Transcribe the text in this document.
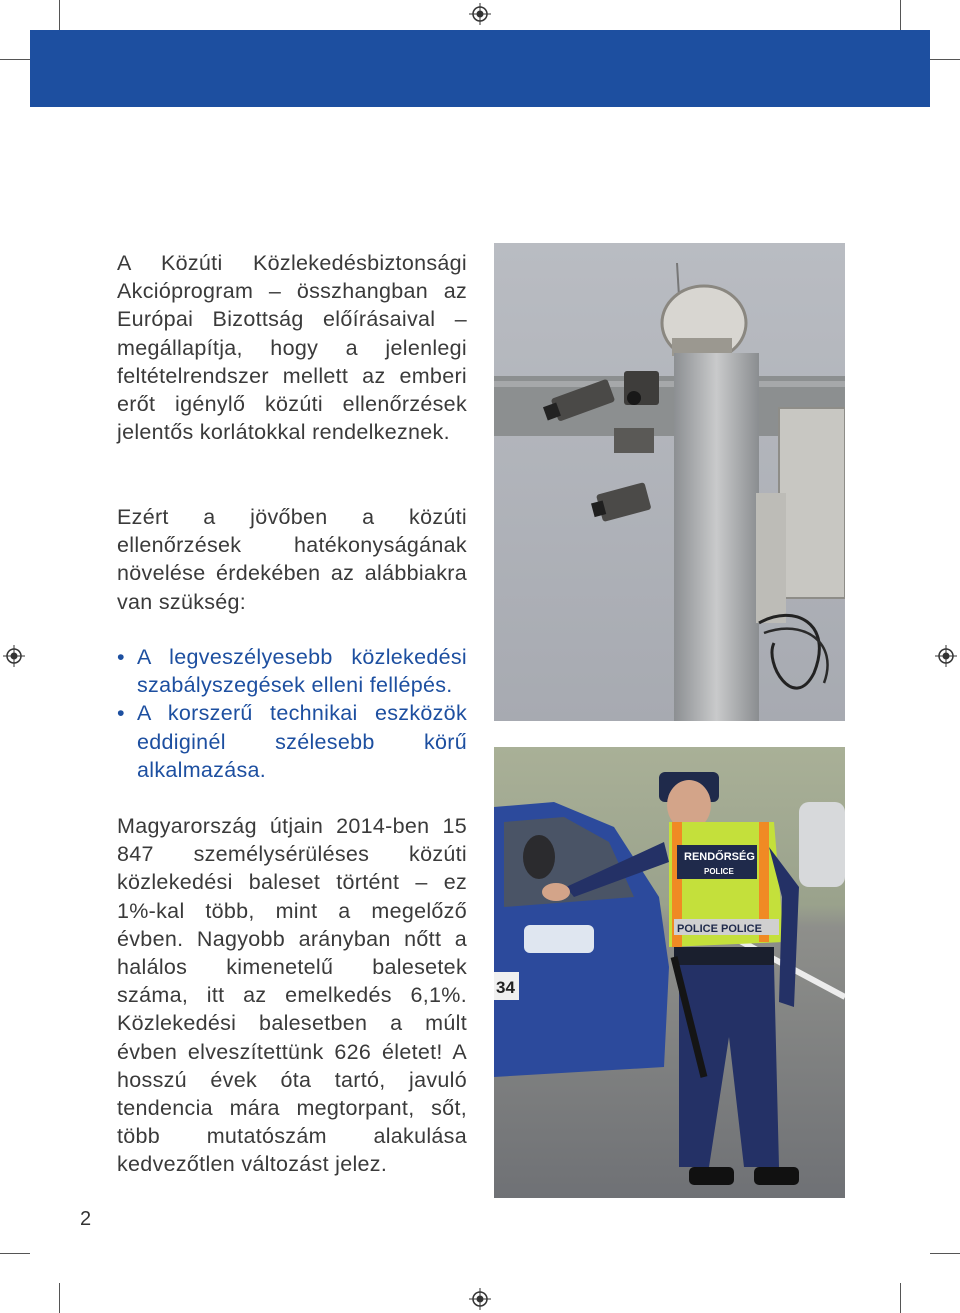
A Közúti Közlekedésbiztonsági Akcióprogram – összhangban az Európai Bizottság előírásaival – megállapítja, hogy a jelenlegi feltételrendszer mellett az emberi erőt igénylő közúti ellenőrzések jelentős korlátokkal rendelkeznek.

Ezért a jövőben a közúti ellenőrzések hatékonyságának növelése érdekében az alábbiakra van szükség:

• A legveszélyesebb közlekedési szabályszegések elleni fellépés.
• A korszerű technikai eszközök eddiginél szélesebb körű alkalmazása.

Magyarország útjain 2014-ben 15 847 személysérüléses közúti közlekedési baleset történt – ez 1%-kal több, mint a megelőző évben. Nagyobb arányban nőtt a halálos kimenetelű balesetek száma, itt az emelkedés 6,1%. Közlekedési balesetben a múlt évben elveszítettünk 626 életet! A hosszú évek óta tartó, javuló tendencia mára megtorpant, sőt, több mutatószám alakulása kedvezőtlen változást jelez.

34
RENDŐRSÉG
POLICE
POLICE POLICE
2
